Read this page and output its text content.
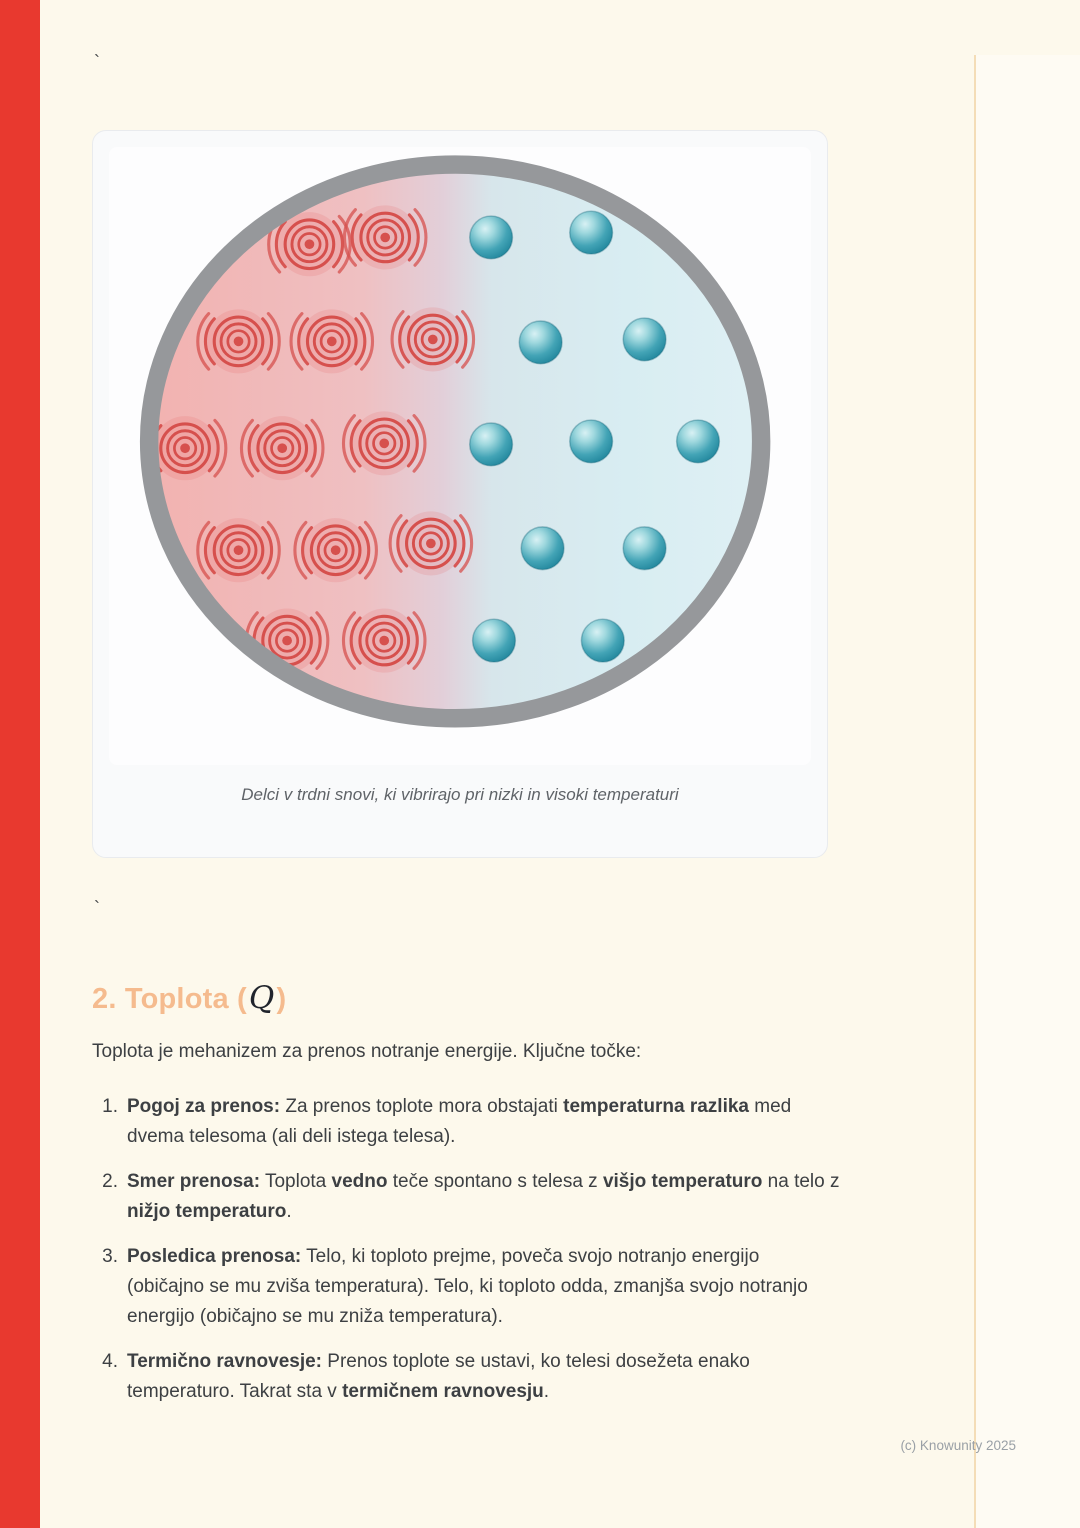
`
Delci v trdni snovi, ki vibrirajo pri nizki in visoki temperaturi
`
2. Toplota (Q)

Toplota je mehanizem za prenos notranje energije. Ključne točke:

1. Pogoj za prenos: Za prenos toplote mora obstajati temperaturna razlika med dvema telesoma (ali deli istega telesa).
2. Smer prenosa: Toplota vedno teče spontano s telesa z višjo temperaturo na telo z nižjo temperaturo.
3. Posledica prenosa: Telo, ki toploto prejme, poveča svojo notranjo energijo (običajno se mu zviša temperatura). Telo, ki toploto odda, zmanjša svojo notranjo energijo (običajno se mu zniža temperatura).
4. Termično ravnovesje: Prenos toplote se ustavi, ko telesi dosežeta enako temperaturo. Takrat sta v termičnem ravnovesju.
(c) Knowunity 2025
